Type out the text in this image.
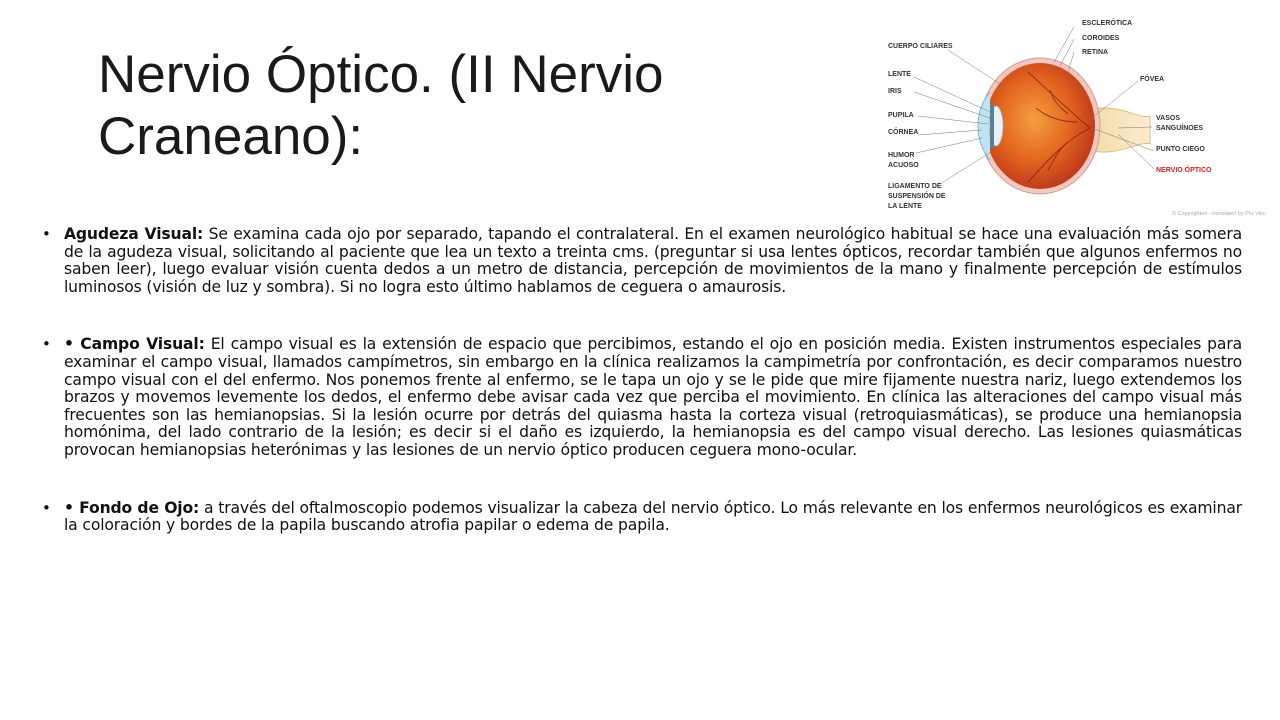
Nervio Óptico. (II Nervio
Craneano):
CUERPO CILIARES
LENTE
IRIS
PUPILA
CÓRNEA
HUMOR
ACUOSO
LIGAMENTO DE
SUSPENSIÓN DE
LA LENTE
ESCLERÓTICA
COROIDES
RETINA
FÓVEA
VASOS
SANGUÍNOES
PUNTO CIEGO
NERVIO ÓPTICO
© Copyrighted - translated by Pro Visu
• Agudeza Visual: Se examina cada ojo por separado, tapando el contralateral. En el examen neurológico habitual se hace una evaluación más somera de la agudeza visual, solicitando al paciente que lea un texto a treinta cms. (preguntar si usa lentes ópticos, recordar también que algunos enfermos no saben leer), luego evaluar visión cuenta dedos a un metro de distancia, percepción de movimientos de la mano y finalmente percepción de estímulos luminosos (visión de luz y sombra). Si no logra esto último hablamos de ceguera o amaurosis.
• • Campo Visual: El campo visual es la extensión de espacio que percibimos, estando el ojo en posición media. Existen instrumentos especiales para examinar el campo visual, llamados campímetros, sin embargo en la clínica realizamos la campimetría por confrontación, es decir comparamos nuestro campo visual con el del enfermo. Nos ponemos frente al enfermo, se le tapa un ojo y se le pide que mire fijamente nuestra nariz, luego extendemos los brazos y movemos levemente los dedos, el enfermo debe avisar cada vez que perciba el movimiento. En clínica las alteraciones del campo visual más frecuentes son las hemianopsias. Si la lesión ocurre por detrás del quiasma hasta la corteza visual (retroquiasmáticas), se produce una hemianopsia homónima, del lado contrario de la lesión; es decir si el daño es izquierdo, la hemianopsia es del campo visual derecho. Las lesiones quiasmáticas provocan hemianopsias heterónimas y las lesiones de un nervio óptico producen ceguera mono-ocular.
• • Fondo de Ojo: a través del oftalmoscopio podemos visualizar la cabeza del nervio óptico. Lo más relevante en los enfermos neurológicos es examinar la coloración y bordes de la papila buscando atrofia papilar o edema de papila.
